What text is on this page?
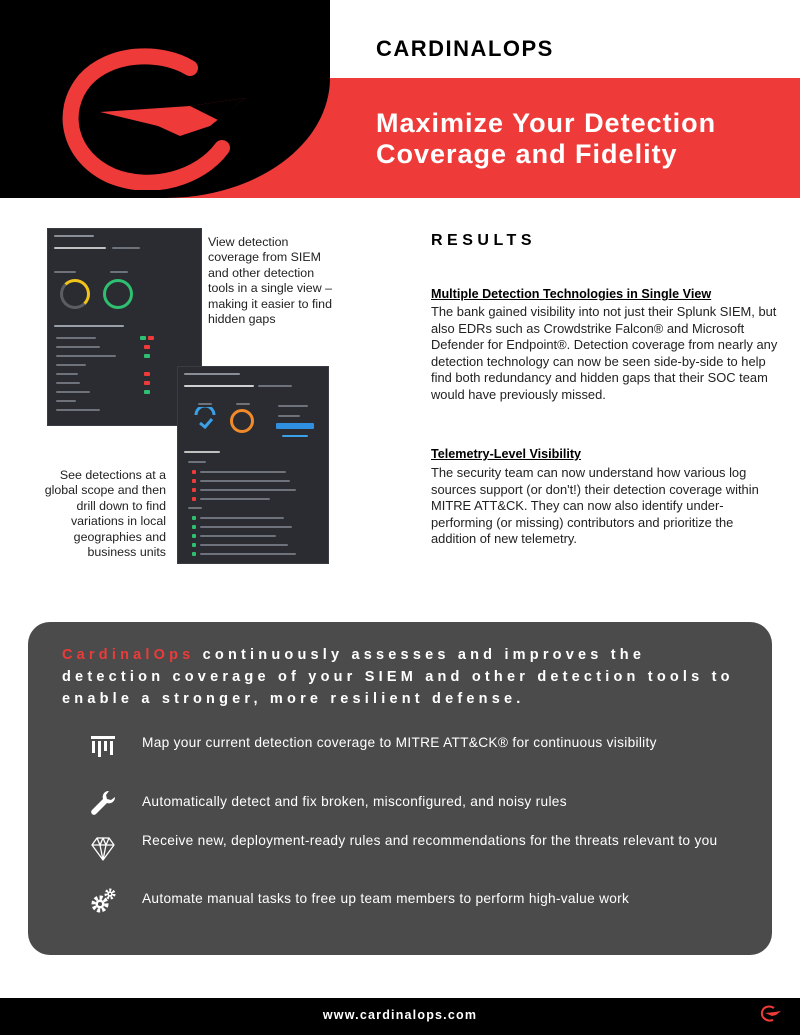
CARDINALOPS
Maximize Your Detection Coverage and Fidelity
View detection coverage from SIEM and other detection tools in a single view – making it easier to find hidden gaps
See detections at a global scope and then drill down to find variations in local geographies and business units
RESULTS
Multiple Detection Technologies in Single View
The bank gained visibility into not just their Splunk SIEM, but also EDRs such as Crowdstrike Falcon® and Microsoft Defender for Endpoint®. Detection coverage from nearly any detection technology can now be seen side-by-side to help find both redundancy and hidden gaps that their SOC team would have previously missed.
Telemetry-Level Visibility
The security team can now understand how various log sources support (or don't!) their detection coverage within MITRE ATT&CK. They can now also identify under-performing (or missing) contributors and prioritize the addition of new telemetry.
CardinalOps continuously assesses and improves the detection coverage of your SIEM and other detection tools to enable a stronger, more resilient defense.
Map your current detection coverage to MITRE ATT&CK® for continuous visibility
Automatically detect and fix broken, misconfigured, and noisy rules
Receive new, deployment-ready rules and recommendations for the threats relevant to you
Automate manual tasks to free up team members to perform high-value work
www.cardinalops.com
